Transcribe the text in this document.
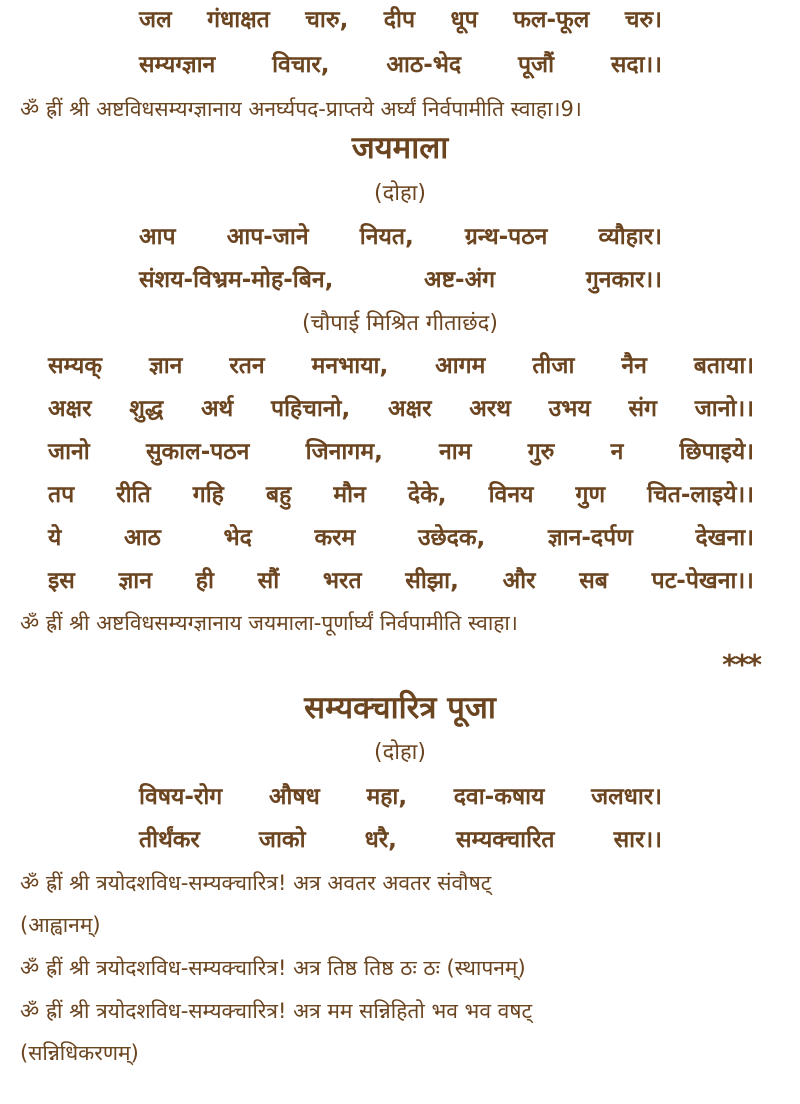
जल गंधाक्षत चारु, दीप धूप फल-फूल चरु।
सम्यग्ज्ञान विचार, आठ-भेद पूजौं सदा।।
ॐ ह्रीं श्री अष्टविधसम्यग्ज्ञानाय अनर्घ्यपद-प्राप्तये अर्घ्यं निर्वपामीति स्वाहा।9।
जयमाला
(दोहा)
आप आप-जाने नियत, ग्रन्थ-पठन व्यौहार।
संशय-विभ्रम-मोह-बिन,	अष्ट-अंग	गुनकार।।
(चौपाई मिश्रित गीताछंद)
सम्यक् ज्ञान रतन मनभाया, आगम तीजा नैन बताया।
अक्षर शुद्ध अर्थ पहिचानो, अक्षर अरथ उभय संग जानो।।
जानो सुकाल-पठन जिनागम, नाम गुरु न छिपाइये।
तप रीति गहि बहु मौन देके, विनय गुण चित-लाइये।।
ये	आठ	भेद	करम	उछेदक,	ज्ञान-दर्पण	देखना।
इस ज्ञान ही सौं भरत सीझा, और सब पट-पेखना।।
ॐ ह्रीं श्री अष्टविधसम्यग्ज्ञानाय जयमाला-पूर्णार्घ्यं निर्वपामीति स्वाहा।
***
सम्यक्चारित्र पूजा
(दोहा)
विषय-रोग औषध महा, दवा-कषाय जलधार।
तीर्थंकर	जाको	धरै,	सम्यक्चारित	सार।।
ॐ ह्रीं श्री त्रयोदशविध-सम्यक्चारित्र! अत्र अवतर अवतर संवौषट्
(आह्वानम्)
ॐ ह्रीं श्री त्रयोदशविध-सम्यक्चारित्र! अत्र तिष्ठ तिष्ठ ठः ठः (स्थापनम्)
ॐ ह्रीं श्री त्रयोदशविध-सम्यक्चारित्र! अत्र मम सन्निहितो भव भव वषट्
(सन्निधिकरणम्)
